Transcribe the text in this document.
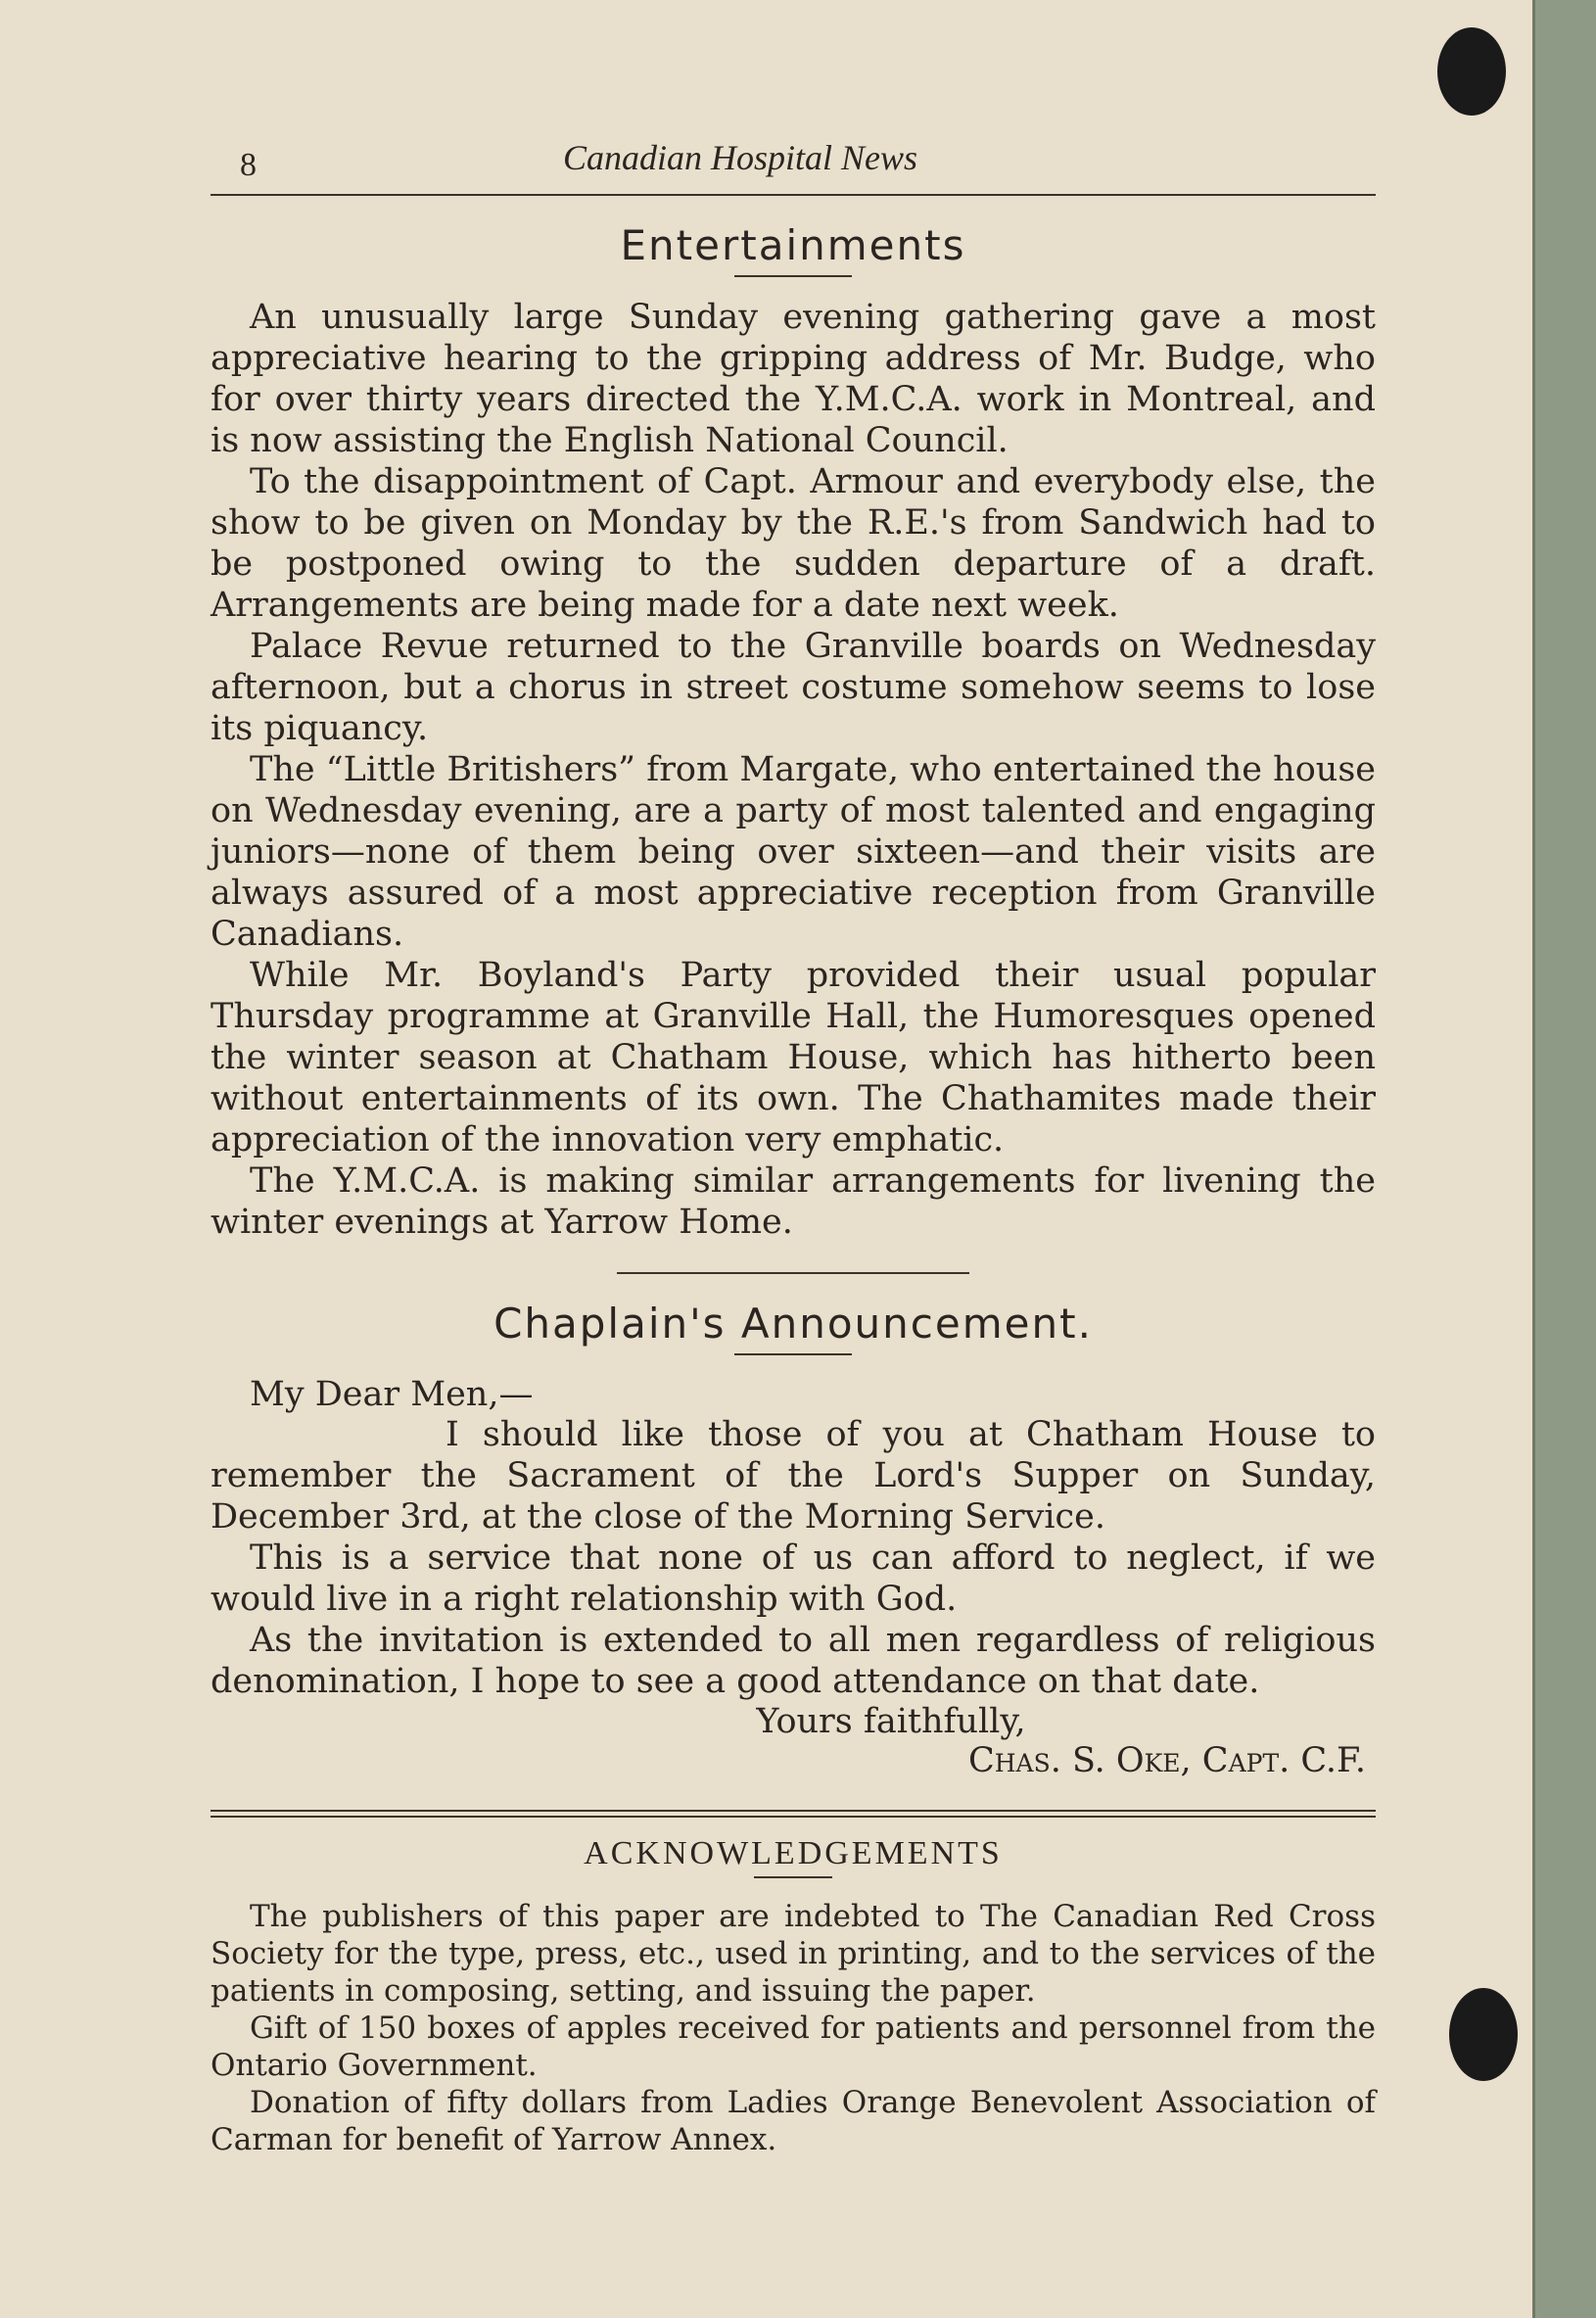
8	Canadian Hospital News
Entertainments

An unusually large Sunday evening gathering gave a most appreciative hearing to the gripping address of Mr. Budge, who for over thirty years directed the Y.M.C.A. work in Montreal, and is now assisting the English National Council.

To the disappointment of Capt. Armour and everybody else, the show to be given on Monday by the R.E.'s from Sandwich had to be postponed owing to the sudden departure of a draft. Arrangements are being made for a date next week.

Palace Revue returned to the Granville boards on Wednesday afternoon, but a chorus in street costume somehow seems to lose its piquancy.

The “Little Britishers” from Margate, who entertained the house on Wednesday evening, are a party of most talented and engaging juniors—none of them being over sixteen—and their visits are always assured of a most appreciative reception from Granville Canadians.

While Mr. Boyland's Party provided their usual popular Thursday programme at Granville Hall, the Humoresques opened the winter season at Chatham House, which has hitherto been without entertainments of its own. The Chathamites made their appreciation of the innovation very emphatic.

The Y.M.C.A. is making similar arrangements for livening the winter evenings at Yarrow Home.

Chaplain's Announcement.
My Dear Men,—

I should like those of you at Chatham House to remember the Sacrament of the Lord's Supper on Sunday, December 3rd, at the close of the Morning Service.

This is a service that none of us can afford to neglect, if we would live in a right relationship with God.

As the invitation is extended to all men regardless of religious denomination, I hope to see a good attendance on that date.

Yours faithfully,
Chas. S. Oke, Capt. C.F.
ACKNOWLEDGEMENTS

The publishers of this paper are indebted to The Canadian Red Cross Society for the type, press, etc., used in printing, and to the services of the patients in composing, setting, and issuing the paper.

Gift of 150 boxes of apples received for patients and personnel from the Ontario Government.

Donation of fifty dollars from Ladies Orange Benevolent Association of Carman for benefit of Yarrow Annex.
